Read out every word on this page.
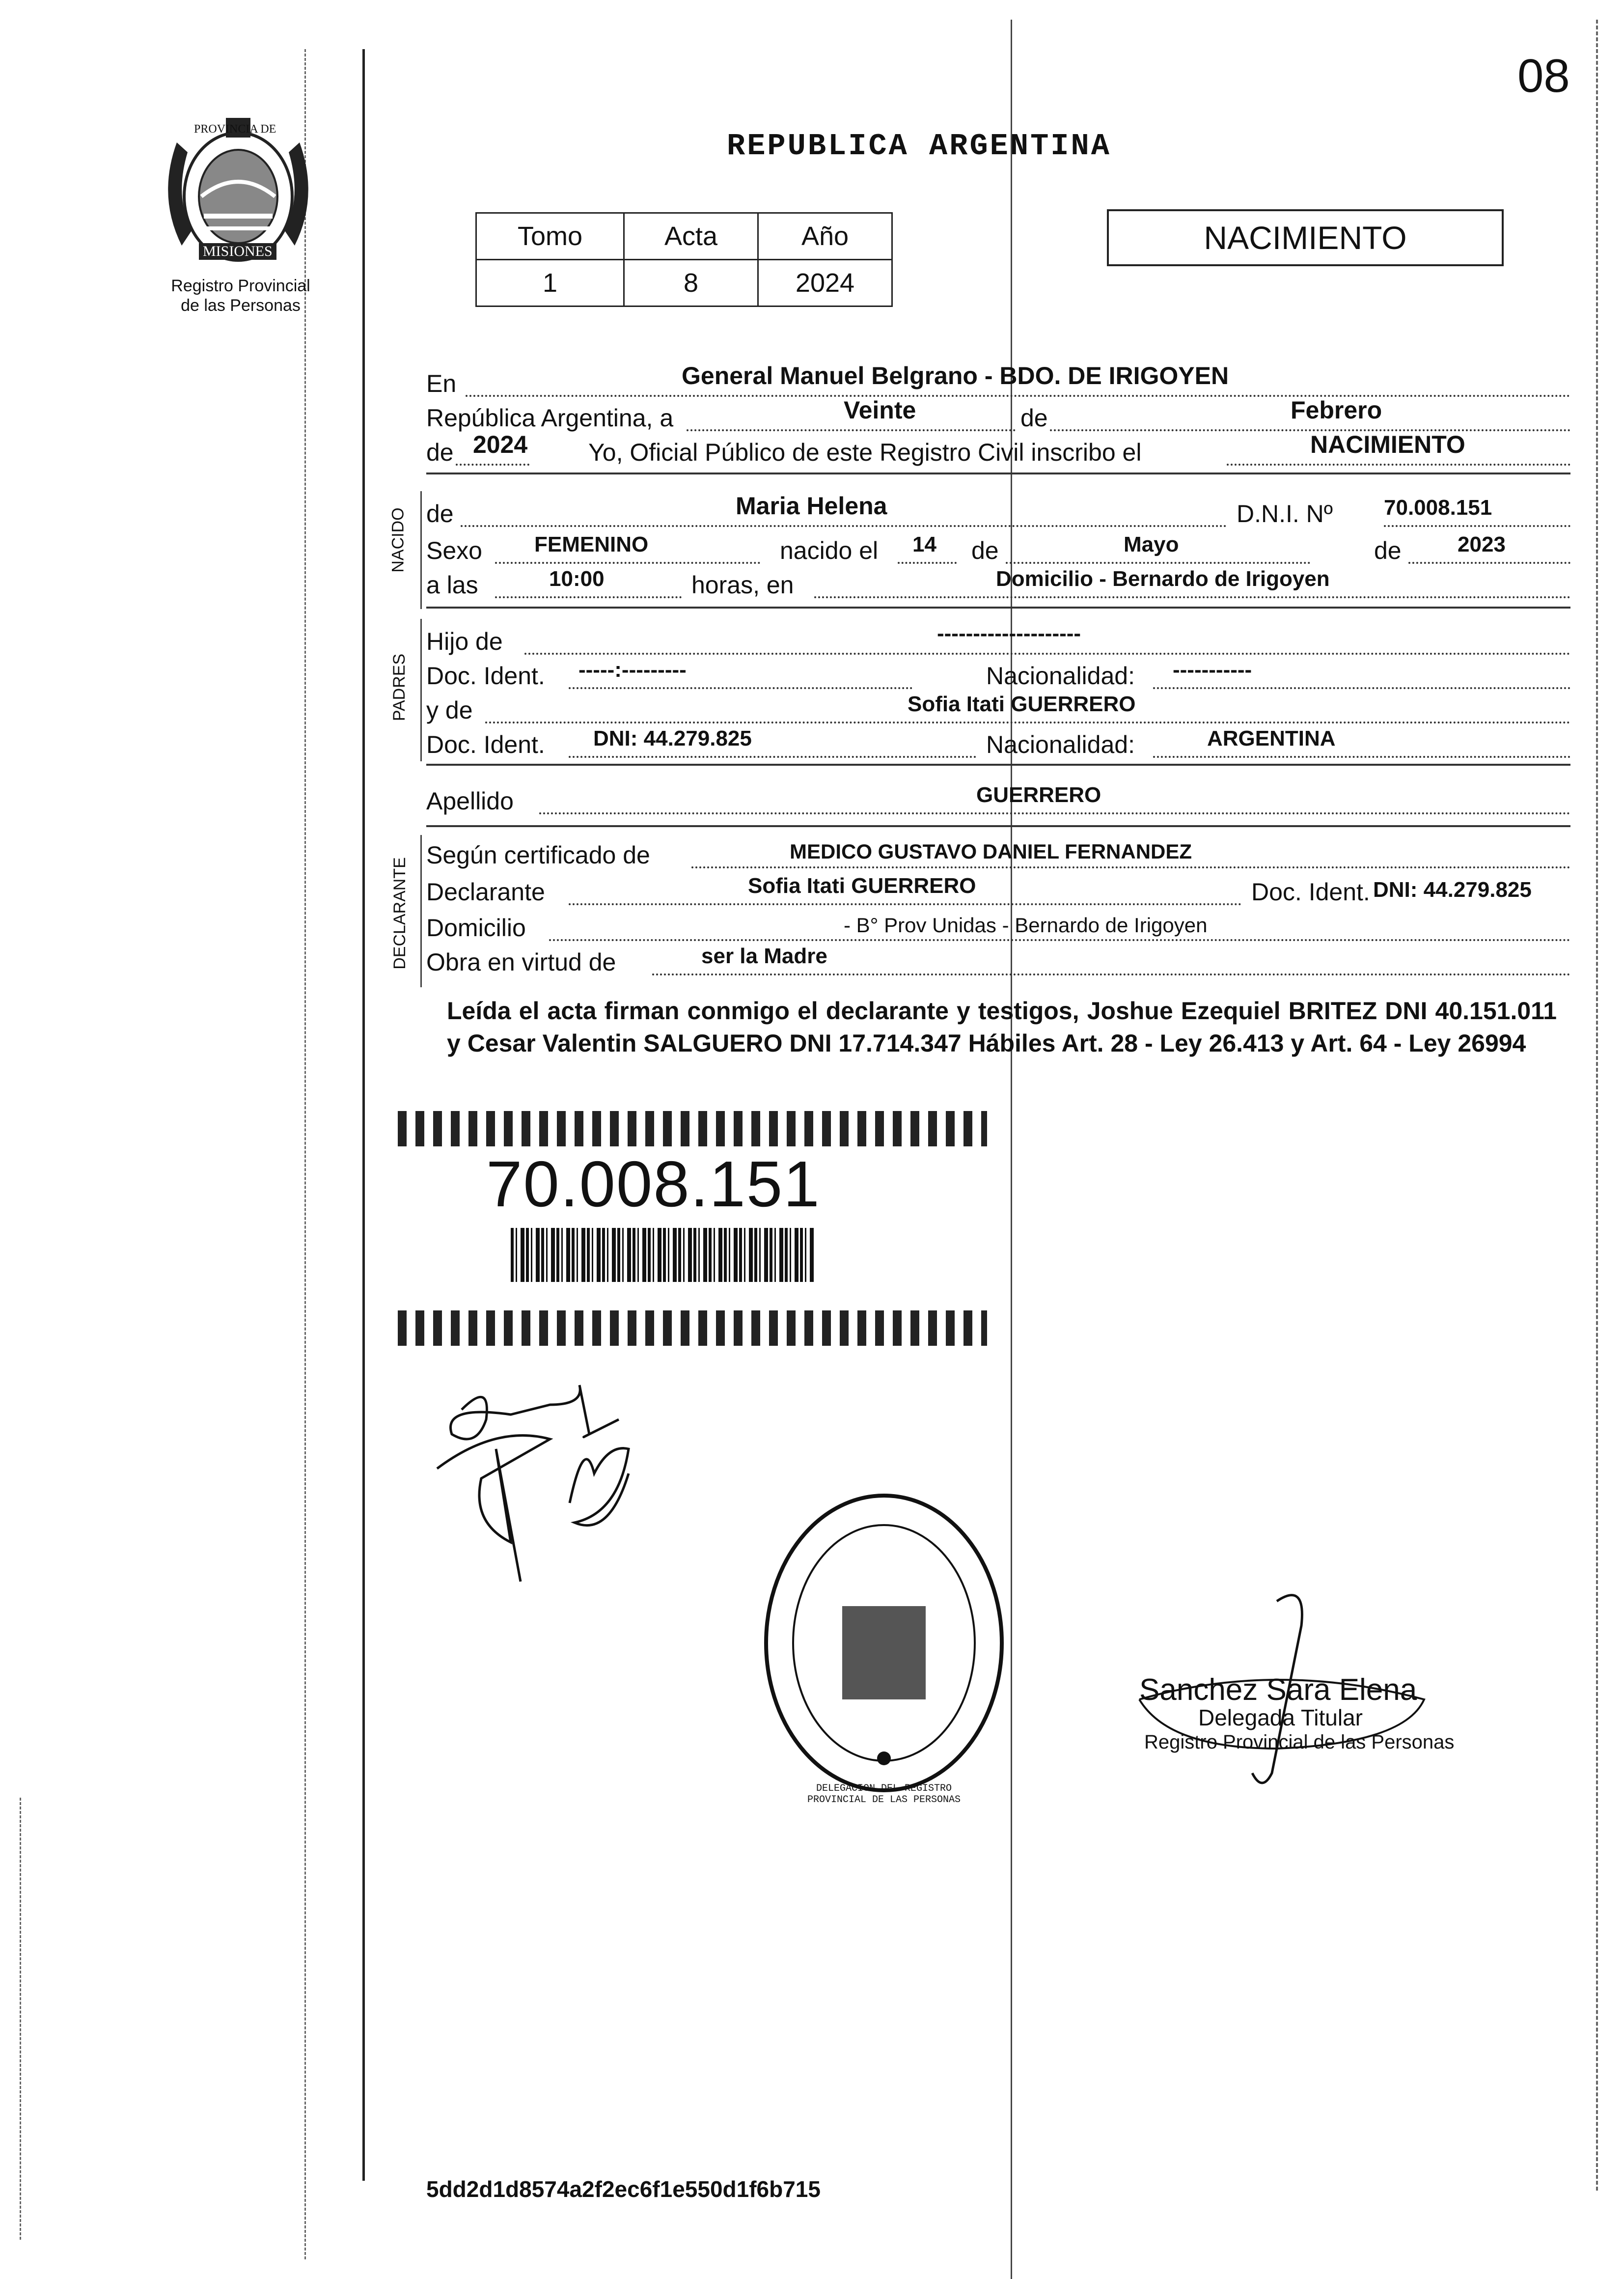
08
PROVINCIA DE
MISIONES
Registro Provincial
de las Personas
REPUBLICA ARGENTINA
Tomo	Acta	Año
1	8	2024
NACIMIENTO
En	General Manuel Belgrano - BDO. DE IRIGOYEN
República Argentina, a	Veinte	de	Febrero
de 2024 Yo, Oficial Público de este Registro Civil inscribo el	NACIMIENTO
NACIDO de	Maria Helena	D.N.I. Nº 70.008.151
Sexo FEMENINO	nacido el 14 de	Mayo	de	2023
a las	10:00	horas, en	Domicilio - Bernardo de Irigoyen
PADRES
Hijo de	--------------------
Doc. Ident. -----:---------	Nacionalidad: -----------
y de	Sofia Itati GUERRERO
Doc. Ident. DNI: 44.279.825	Nacionalidad:	ARGENTINA
Apellido	GUERRERO
DECLARANTE
Según certificado de	MEDICO GUSTAVO DANIEL FERNANDEZ
Declarante	Sofia Itati GUERRERO	Doc. Ident. DNI: 44.279.825
Domicilio	- B° Prov Unidas - Bernardo de Irigoyen
Obra en virtud de	ser la Madre
Leída el acta firman conmigo el declarante y testigos, Joshue Ezequiel BRITEZ DNI 40.151.011 y Cesar Valentin SALGUERO DNI 17.714.347 Hábiles Art. 28 - Ley 26.413 y Art. 64 - Ley 26994
70.008.151
DELEGACION DEL REGISTRO PROVINCIAL DE LAS PERSONAS
Sanchez Sara Elena
Delegada Titular
Registro Provincial de las Personas
5dd2d1d8574a2f2ec6f1e550d1f6b715
